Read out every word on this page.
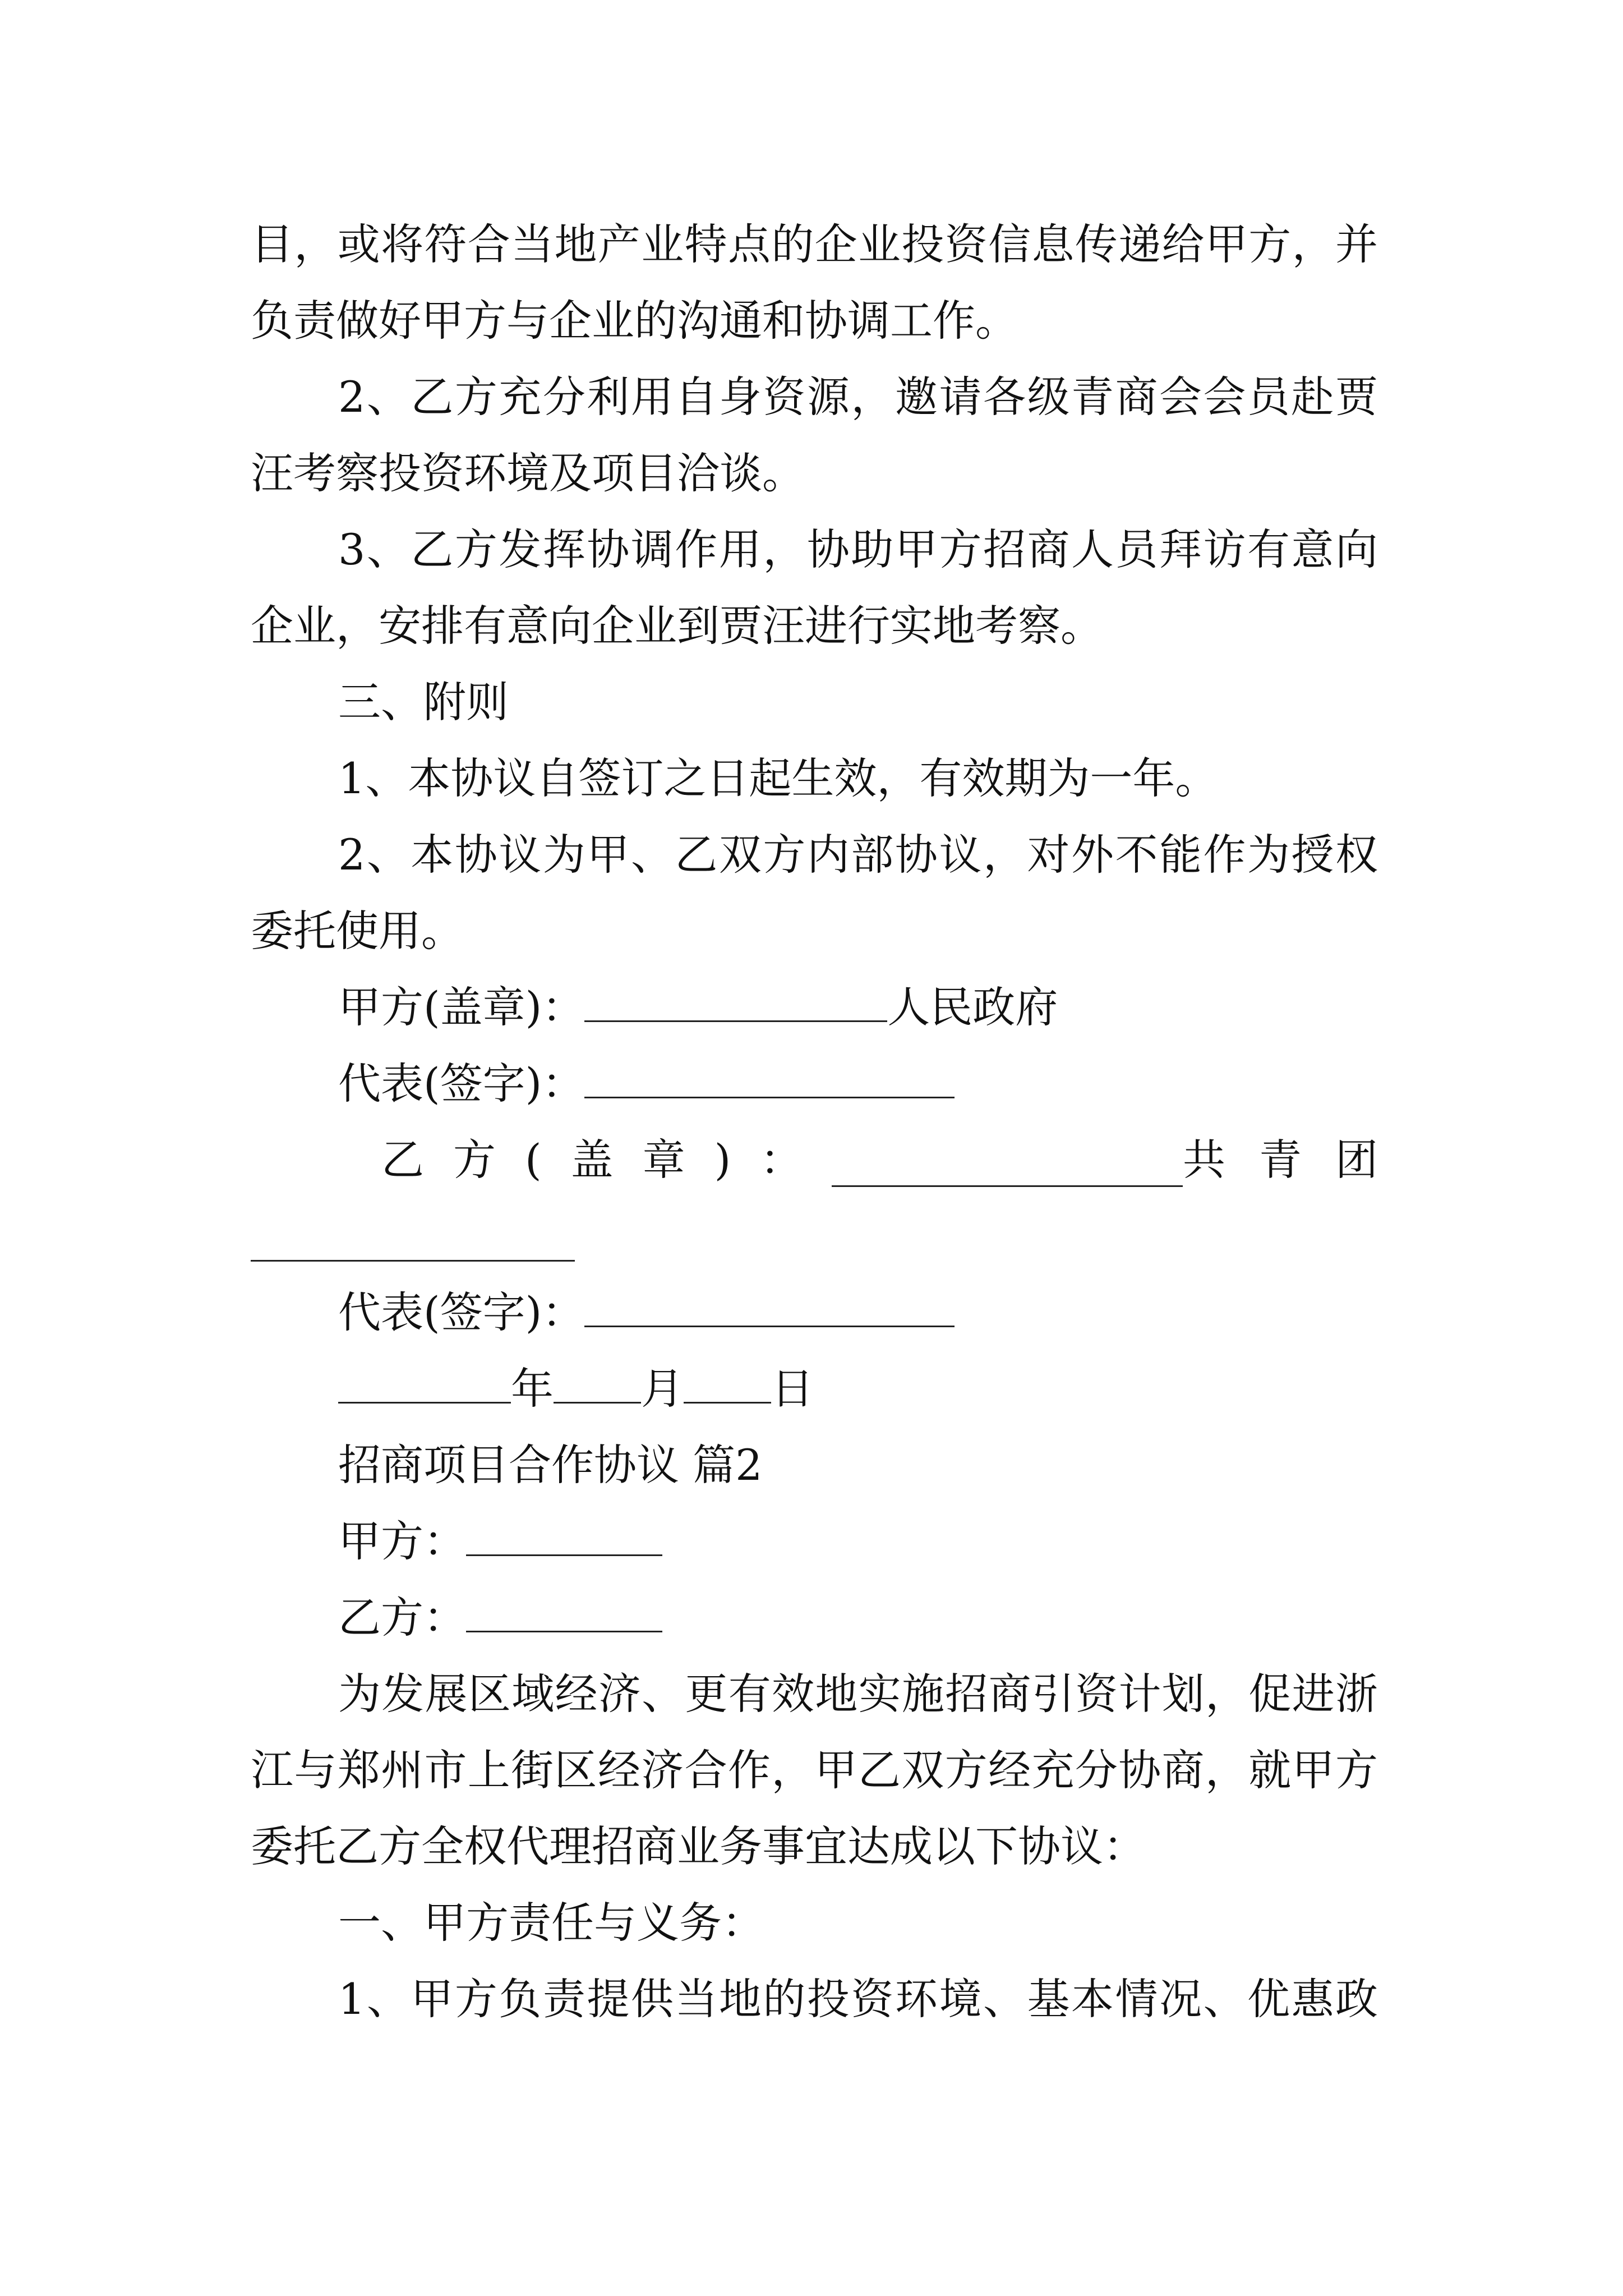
目，或将符合当地产业特点的企业投资信息传递给甲方，并
负责做好甲方与企业的沟通和协调工作。
2、乙方充分利用自身资源，邀请各级青商会会员赴贾
汪考察投资环境及项目洽谈。
3、乙方发挥协调作用，协助甲方招商人员拜访有意向
企业，安排有意向企业到贾汪进行实地考察。
三、附则
1、本协议自签订之日起生效，有效期为一年。
2、本协议为甲、乙双方内部协议，对外不能作为授权
委托使用。
甲方(盖章)：	人民政府
代表(签字)：
乙方(盖章)：	共青团
代表(签字)：
年 月 日
招商项目合作协议 篇2
甲方：
乙方：
为发展区域经济、更有效地实施招商引资计划，促进浙
江与郑州市上街区经济合作，甲乙双方经充分协商，就甲方
委托乙方全权代理招商业务事宜达成以下协议：
一、甲方责任与义务：
1、甲方负责提供当地的投资环境、基本情况、优惠政
